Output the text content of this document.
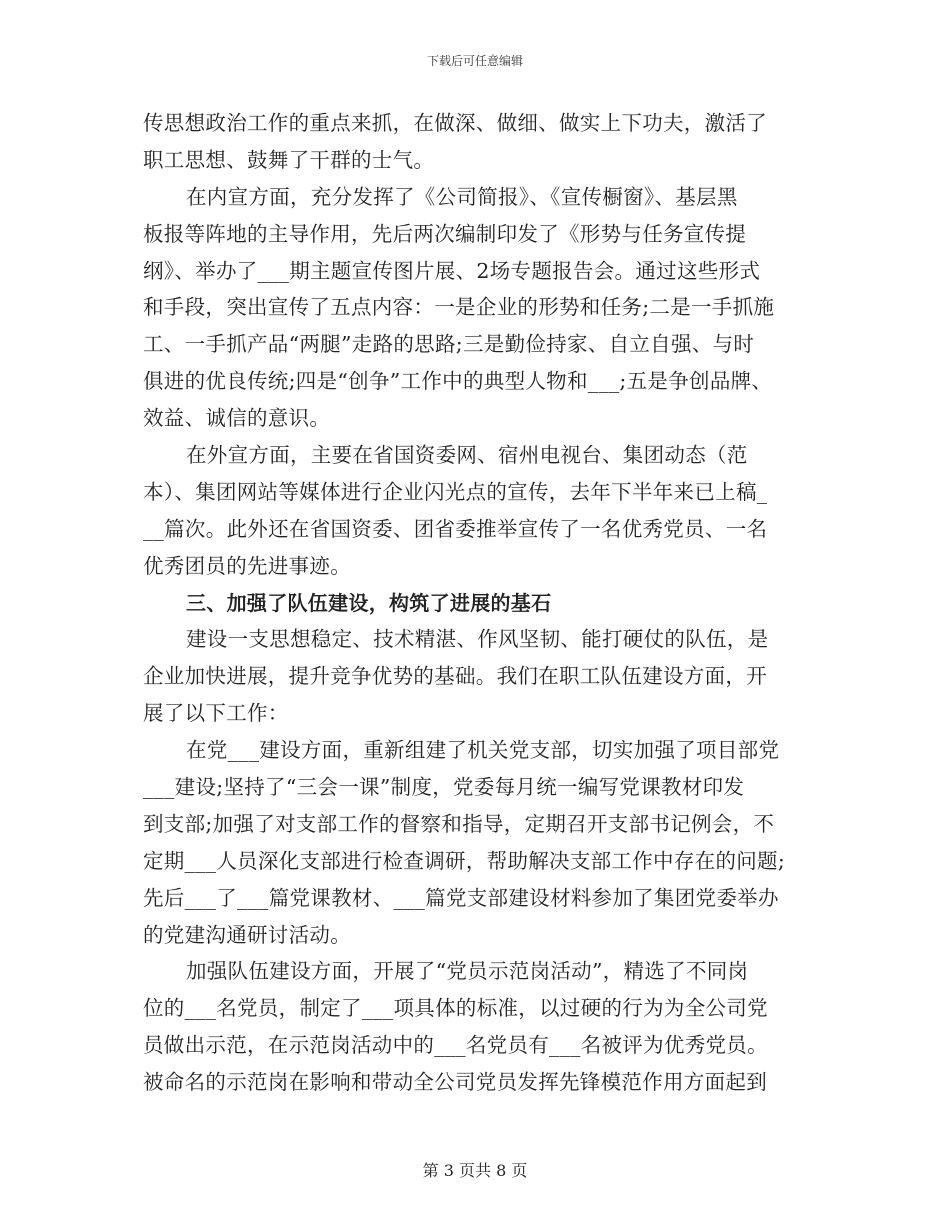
下载后可任意编辑
传思想政治工作的重点来抓，在做深、做细、做实上下功夫，激活了
职工思想、鼓舞了干群的士气。
在内宣方面，充分发挥了《公司简报》、《宣传橱窗》、基层黑
板报等阵地的主导作用，先后两次编制印发了《形势与任务宣传提
纲》、举办了___期主题宣传图片展、2场专题报告会。通过这些形式
和手段，突出宣传了五点内容：一是企业的形势和任务;二是一手抓施
工、一手抓产品“两腿”走路的思路;三是勤俭持家、自立自强、与时
俱进的优良传统;四是“创争”工作中的典型人物和___;五是争创品牌、
效益、诚信的意识。
在外宣方面，主要在省国资委网、宿州电视台、集团动态（范
本）、集团网站等媒体进行企业闪光点的宣传，去年下半年来已上稿_
__篇次。此外还在省国资委、团省委推举宣传了一名优秀党员、一名
优秀团员的先进事迹。
三、加强了队伍建设，构筑了进展的基石
建设一支思想稳定、技术精湛、作风坚韧、能打硬仗的队伍，是
企业加快进展，提升竞争优势的基础。我们在职工队伍建设方面，开
展了以下工作：
在党___建设方面，重新组建了机关党支部，切实加强了项目部党
___建设;坚持了“三会一课”制度，党委每月统一编写党课教材印发
到支部;加强了对支部工作的督察和指导，定期召开支部书记例会，不
定期___人员深化支部进行检查调研，帮助解决支部工作中存在的问题;
先后___了___篇党课教材、___篇党支部建设材料参加了集团党委举办
的党建沟通研讨活动。
加强队伍建设方面，开展了“党员示范岗活动”，精选了不同岗
位的___名党员，制定了___项具体的标准，以过硬的行为为全公司党
员做出示范，在示范岗活动中的___名党员有___名被评为优秀党员。
被命名的示范岗在影响和带动全公司党员发挥先锋模范作用方面起到
第 3 页共 8 页
